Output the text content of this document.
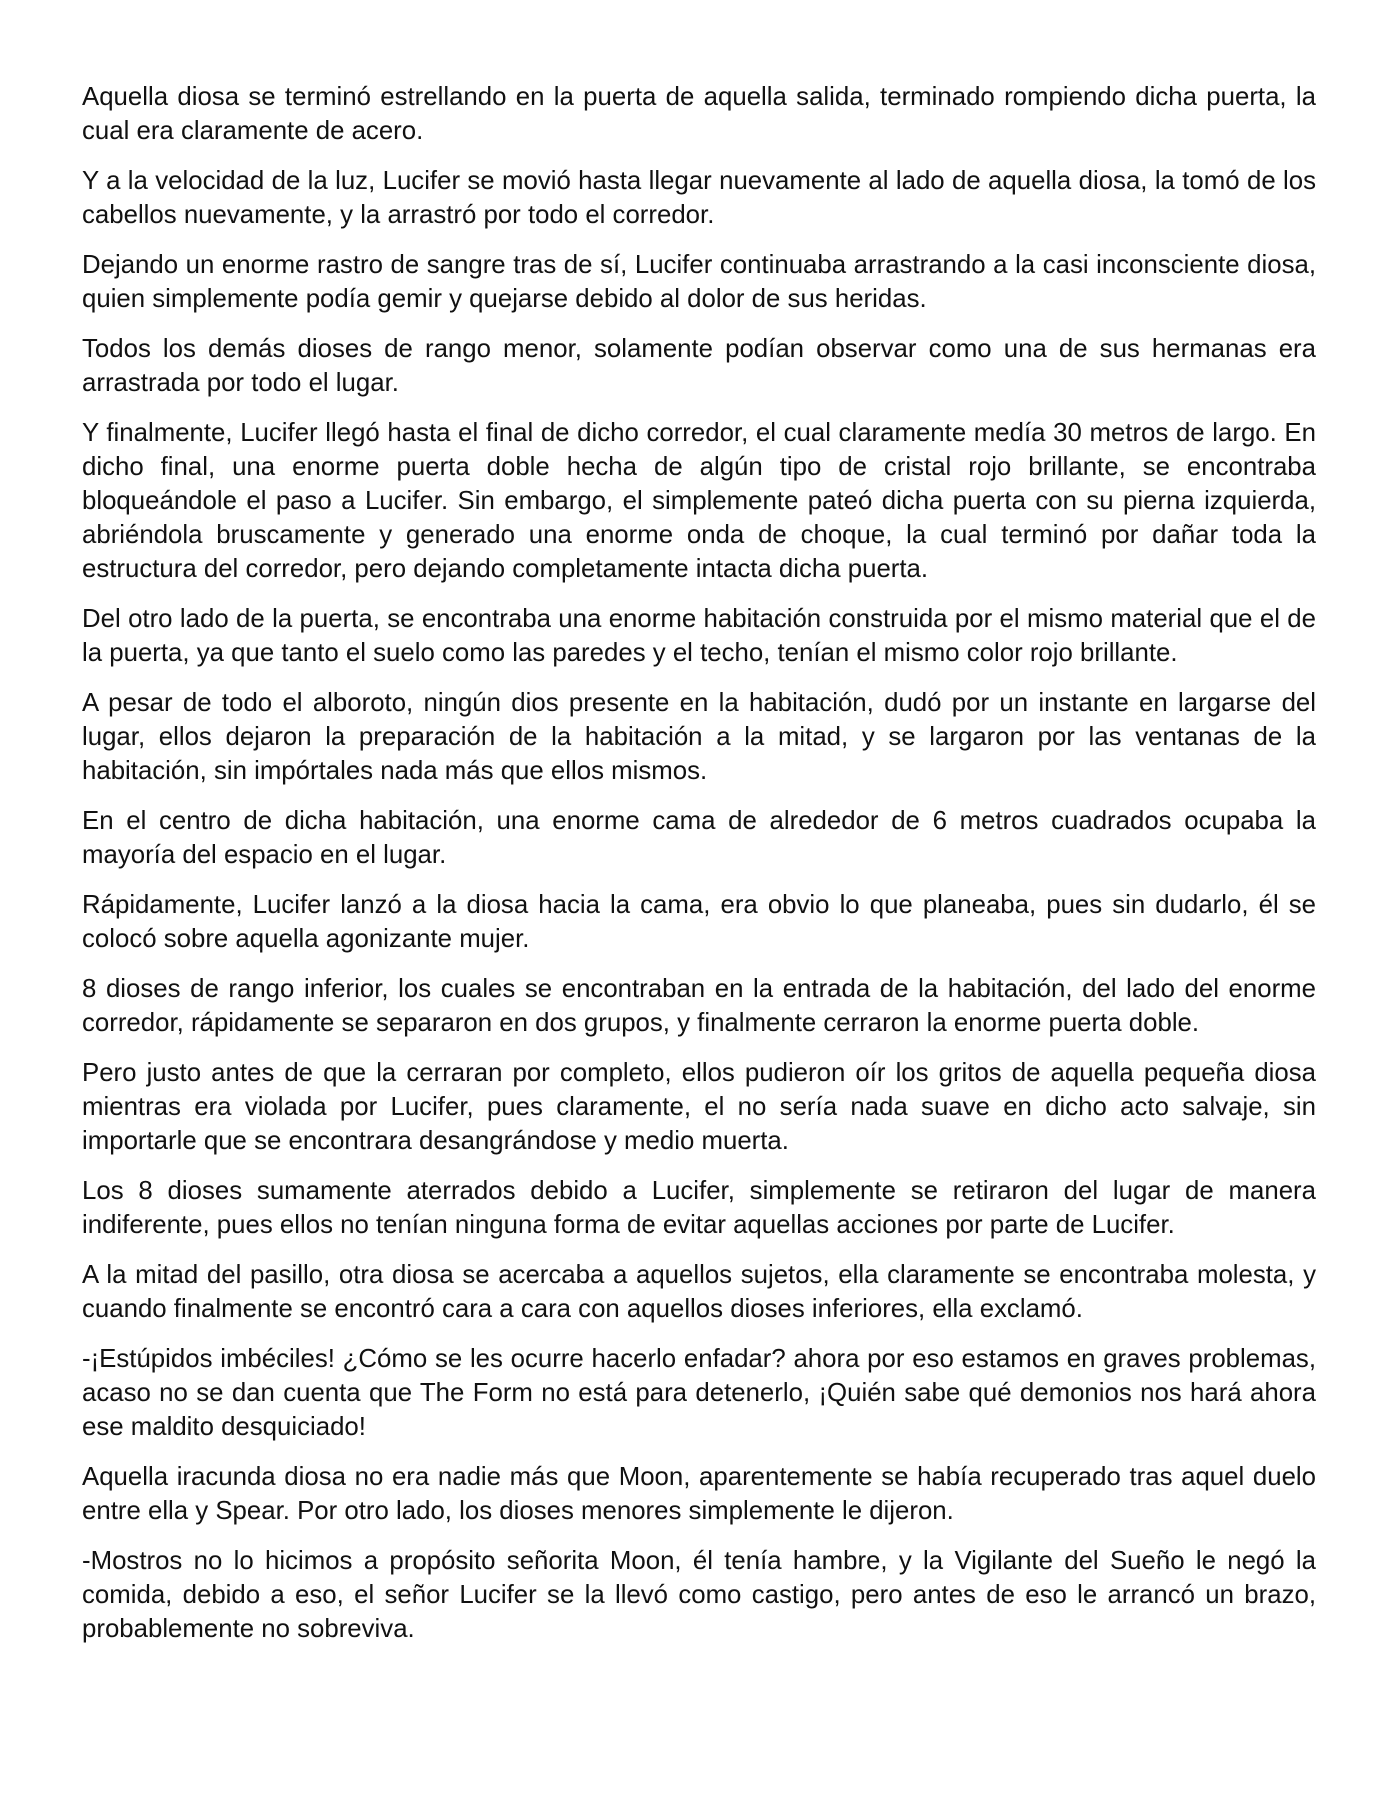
Aquella diosa se terminó estrellando en la puerta de aquella salida, terminado rompiendo dicha puerta, la cual era claramente de acero.

Y a la velocidad de la luz, Lucifer se movió hasta llegar nuevamente al lado de aquella diosa, la tomó de los cabellos nuevamente, y la arrastró por todo el corredor.

Dejando un enorme rastro de sangre tras de sí, Lucifer continuaba arrastrando a la casi inconsciente diosa, quien simplemente podía gemir y quejarse debido al dolor de sus heridas.

Todos los demás dioses de rango menor, solamente podían observar como una de sus hermanas era arrastrada por todo el lugar.

Y finalmente, Lucifer llegó hasta el final de dicho corredor, el cual claramente medía 30 metros de largo. En dicho final, una enorme puerta doble hecha de algún tipo de cristal rojo brillante, se encontraba bloqueándole el paso a Lucifer. Sin embargo, el simplemente pateó dicha puerta con su pierna izquierda, abriéndola bruscamente y generado una enorme onda de choque, la cual terminó por dañar toda la estructura del corredor, pero dejando completamente intacta dicha puerta.

Del otro lado de la puerta, se encontraba una enorme habitación construida por el mismo material que el de la puerta, ya que tanto el suelo como las paredes y el techo, tenían el mismo color rojo brillante.

A pesar de todo el alboroto, ningún dios presente en la habitación, dudó por un instante en largarse del lugar, ellos dejaron la preparación de la habitación a la mitad, y se largaron por las ventanas de la habitación, sin impórtales nada más que ellos mismos.

En el centro de dicha habitación, una enorme cama de alrededor de 6 metros cuadrados ocupaba la mayoría del espacio en el lugar.

Rápidamente, Lucifer lanzó a la diosa hacia la cama, era obvio lo que planeaba, pues sin dudarlo, él se colocó sobre aquella agonizante mujer.

8 dioses de rango inferior, los cuales se encontraban en la entrada de la habitación, del lado del enorme corredor, rápidamente se separaron en dos grupos, y finalmente cerraron la enorme puerta doble.

Pero justo antes de que la cerraran por completo, ellos pudieron oír los gritos de aquella pequeña diosa mientras era violada por Lucifer, pues claramente, el no sería nada suave en dicho acto salvaje, sin importarle que se encontrara desangrándose y medio muerta.

Los 8 dioses sumamente aterrados debido a Lucifer, simplemente se retiraron del lugar de manera indiferente, pues ellos no tenían ninguna forma de evitar aquellas acciones por parte de Lucifer.

A la mitad del pasillo, otra diosa se acercaba a aquellos sujetos, ella claramente se encontraba molesta, y cuando finalmente se encontró cara a cara con aquellos dioses inferiores, ella exclamó.

-¡Estúpidos imbéciles! ¿Cómo se les ocurre hacerlo enfadar? ahora por eso estamos en graves problemas, acaso no se dan cuenta que The Form no está para detenerlo, ¡Quién sabe qué demonios nos hará ahora ese maldito desquiciado!

Aquella iracunda diosa no era nadie más que Moon, aparentemente se había recuperado tras aquel duelo entre ella y Spear. Por otro lado, los dioses menores simplemente le dijeron.

-Mostros no lo hicimos a propósito señorita Moon, él tenía hambre, y la Vigilante del Sueño le negó la comida, debido a eso, el señor Lucifer se la llevó como castigo, pero antes de eso le arrancó un brazo, probablemente no sobreviva.
